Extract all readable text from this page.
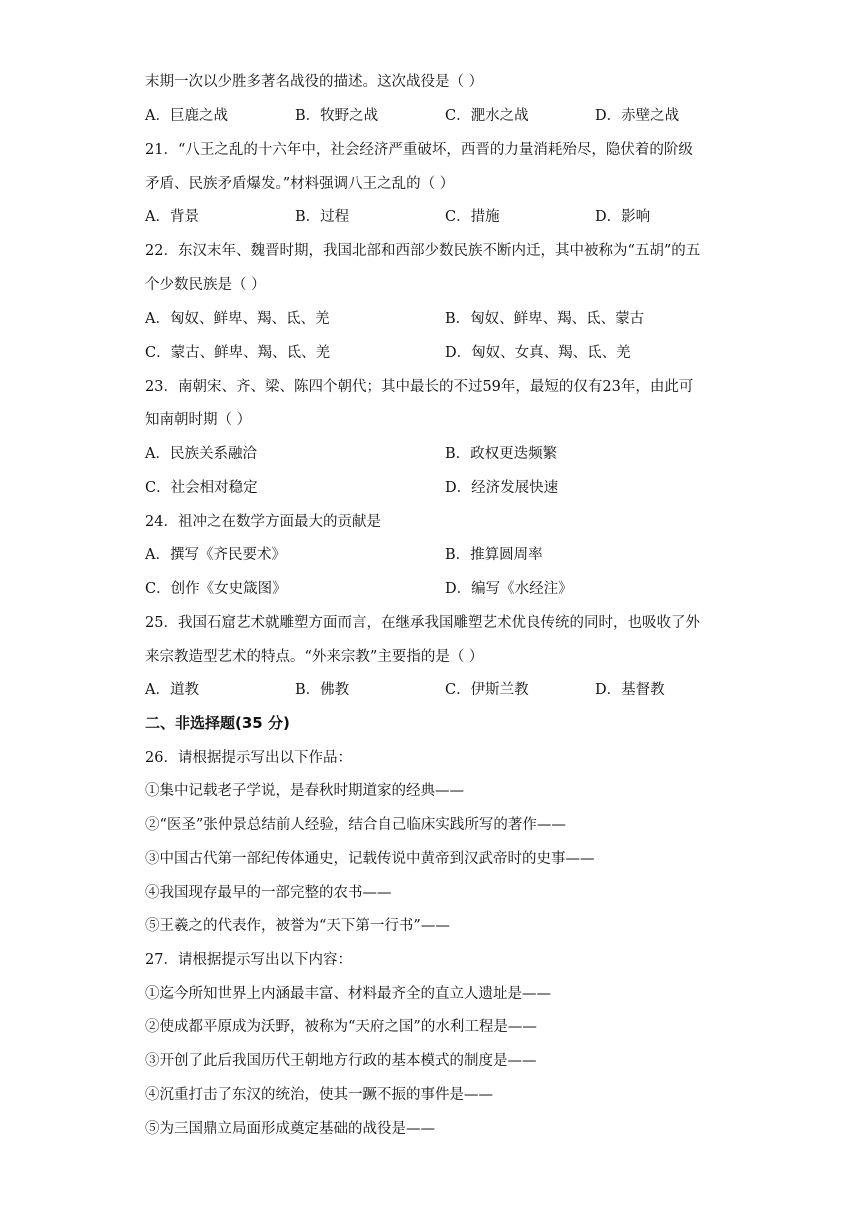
末期一次以少胜多著名战役的描述。这次战役是（ ）
A．巨鹿之战	B．牧野之战	C．淝水之战	D．赤壁之战
21．“八王之乱的十六年中，社会经济严重破坏，西晋的力量消耗殆尽，隐伏着的阶级
矛盾、民族矛盾爆发。”材料强调八王之乱的（ ）
A．背景	B．过程	C．措施	D．影响
22．东汉末年、魏晋时期，我国北部和西部少数民族不断内迁，其中被称为“五胡”的五
个少数民族是（ ）
A．匈奴、鲜卑、羯、氐、羌	B．匈奴、鲜卑、羯、氐、蒙古
C．蒙古、鲜卑、羯、氐、羌	D．匈奴、女真、羯、氐、羌
23．南朝宋、齐、梁、陈四个朝代；其中最长的不过59年，最短的仅有23年，由此可
知南朝时期（ ）
A．民族关系融洽	B．政权更迭频繁
C．社会相对稳定	D．经济发展快速
24．祖冲之在数学方面最大的贡献是
A．撰写《齐民要术》	B．推算圆周率
C．创作《女史箴图》	D．编写《水经注》
25．我国石窟艺术就雕塑方面而言，在继承我国雕塑艺术优良传统的同时，也吸收了外
来宗教造型艺术的特点。“外来宗教”主要指的是（ ）
A．道教	B．佛教	C．伊斯兰教	D．基督教
二、非选择题(35 分)
26．请根据提示写出以下作品：
①集中记载老子学说，是春秋时期道家的经典——
②“医圣”张仲景总结前人经验，结合自己临床实践所写的著作——
③中国古代第一部纪传体通史，记载传说中黄帝到汉武帝时的史事——
④我国现存最早的一部完整的农书——
⑤王羲之的代表作，被誉为“天下第一行书”——
27．请根据提示写出以下内容：
①迄今所知世界上内涵最丰富、材料最齐全的直立人遗址是——
②使成都平原成为沃野，被称为“天府之国”的水利工程是——
③开创了此后我国历代王朝地方行政的基本模式的制度是——
④沉重打击了东汉的统治，使其一蹶不振的事件是——
⑤为三国鼎立局面形成奠定基础的战役是——
